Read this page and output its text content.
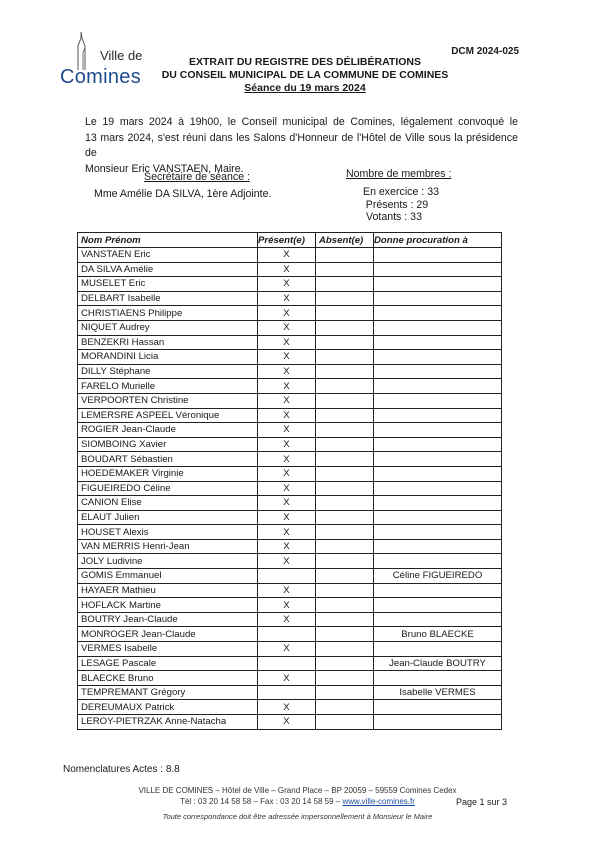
Ville de
Comines
DCM 2024-025
EXTRAIT DU REGISTRE DES DÉLIBÉRATIONS
DU CONSEIL MUNICIPAL DE LA COMMUNE DE COMINES
Séance du 19 mars 2024
Le 19 mars 2024 à 19h00, le Conseil municipal de Comines, légalement convoqué le
13 mars 2024, s'est réuni dans les Salons d'Honneur de l'Hôtel de Ville sous la présidence de
Monsieur Eric VANSTAEN, Maire.
Secrétaire de séance :
Mme Amélie DA SILVA, 1ère Adjointe.
Nombre de membres :
En exercice : 33
Présents : 29
Votants : 33
Nom Prénom	Présent(e)	Absent(e)	Donne procuration à
VANSTAEN Eric	X		
DA SILVA Amélie	X		
MUSELET Eric	X		
DELBART Isabelle	X		
CHRISTIAENS Philippe	X		
NIQUET Audrey	X		
BENZEKRI Hassan	X		
MORANDINI Licia	X		
DILLY Stéphane	X		
FARELO Murielle	X		
VERPOORTEN Christine	X		
LEMERSRE ASPEEL Véronique	X		
ROGIER Jean-Claude	X		
SIOMBOING Xavier	X		
BOUDART Sébastien	X		
HOEDEMAKER Virginie	X		
FIGUEIREDO Céline	X		
CANION Elise	X		
ELAUT Julien	X		
HOUSET Alexis	X		
VAN MERRIS Henri-Jean	X		
JOLY Ludivine	X		
GOMIS Emmanuel			Céline FIGUEIREDO
HAYAER Mathieu	X		
HOFLACK Martine	X		
BOUTRY Jean-Claude	X		
MONROGER Jean-Claude			Bruno BLAECKE
VERMES Isabelle	X		
LESAGE Pascale			Jean-Claude BOUTRY
BLAECKE Bruno	X		
TEMPREMANT Grégory			Isabelle VERMES
DEREUMAUX Patrick	X		
LEROY-PIETRZAK Anne-Natacha	X		
Nomenclatures Actes : 8.8
VILLE DE COMINES – Hôtel de Ville – Grand Place – BP 20059 – 59559 Comines Cedex
Tél : 03 20 14 58 58 – Fax : 03 20 14 58 59 – www.ville-comines.fr	Page 1 sur 3
Toute correspondance doit être adressée impersonnellement à Monsieur le Maire
